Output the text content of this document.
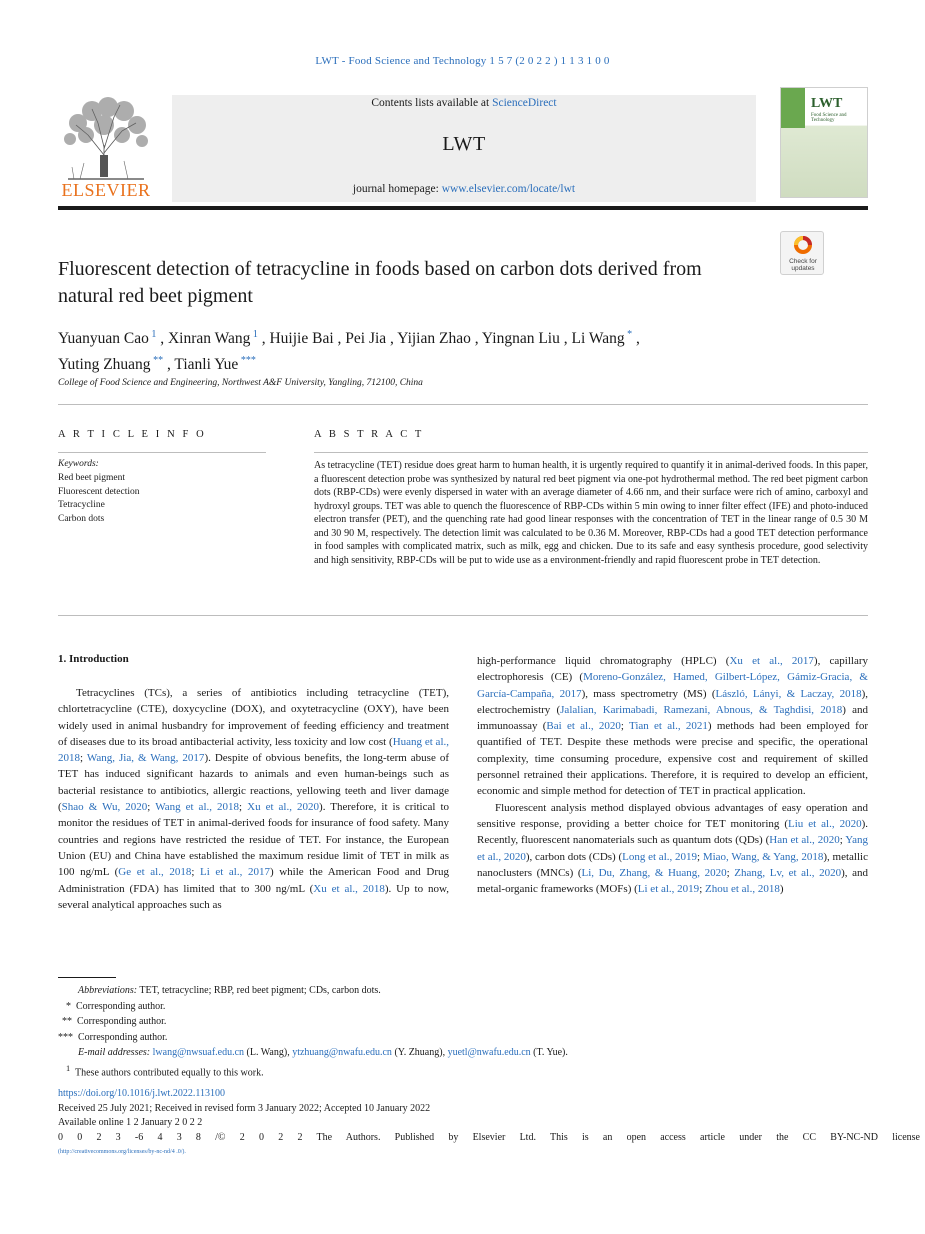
LWT - Food Science and Technology 1 5 7 (2 0 2 2 ) 1 1 3 1 0 0
ELSEVIER
Contents lists available at ScienceDirect
LWT
journal homepage: www.elsevier.com/locate/lwt
LWT
Food Science and Technology
Fluorescent detection of tetracycline in foods based on carbon dots derived from natural red beet pigment
Check for
updates
Yuanyuan Cao $^1$ , Xinran Wang $^1$ , Huijie Bai , Pei Jia , Yijian Zhao , Yingnan Liu , Li Wang * ,
Yuting Zhuang ** , Tianli Yue ***
College of Food Science and Engineering, Northwest A&F University, Yangling, 712100, China
A R T I C L E I N F O	A B S T R A C T
Keywords:
Red beet pigment
Fluorescent detection
Tetracycline
Carbon dots
As tetracycline (TET) residue does great harm to human health, it is urgently required to quantify it in animal-derived foods. In this paper, a fluorescent detection probe was synthesized by natural red beet pigment via one-pot hydrothermal method. The red beet pigment carbon dots (RBP-CDs) were evenly dispersed in water with an average diameter of 4.66 nm, and their surface were rich of amino, carboxyl and hydroxyl groups. TET was able to quench the fluorescence of RBP-CDs within 5 min owing to inner filter effect (IFE) and photo-induced electron transfer (PET), and the quenching rate had good linear responses with the concentration of TET in the linear range of 0.5 30 M and 30 90 M, respectively. The detection limit was calculated to be 0.36 M. Moreover, RBP-CDs had a good TET detection performance in food samples with complicated matrix, such as milk, egg and chicken. Due to its safe and easy synthesis procedure, good selectivity and high sensitivity, RBP-CDs will be put to wide use as a environment-friendly and rapid fluorescent probe in TET detection.
1. Introduction

Tetracyclines (TCs), a series of antibiotics including tetracycline (TET), chlortetracycline (CTE), doxycycline (DOX), and oxytetracycline (OXY), have been widely used in animal husbandry for improvement of feeding efficiency and treatment of diseases due to its broad antibacterial activity, less toxicity and low cost (Huang et al., 2018; Wang, Jia, & Wang, 2017). Despite of obvious benefits, the long-term abuse of TET has induced significant hazards to animals and even human-beings such as bacterial resistance to antibiotics, allergic reactions, yellowing teeth and liver damage (Shao & Wu, 2020; Wang et al., 2018; Xu et al., 2020). Therefore, it is critical to monitor the residues of TET in animal-derived foods for insurance of food safety. Many countries and regions have restricted the residue of TET. For instance, the European Union (EU) and China have established the maximum residue limit of TET in milk as 100 ng/mL (Ge et al., 2018; Li et al., 2017) while the American Food and Drug Administration (FDA) has limited that to 300 ng/mL (Xu et al., 2018). Up to now, several analytical approaches such as

high-performance liquid chromatography (HPLC) (Xu et al., 2017), capillary electrophoresis (CE) (Moreno-González, Hamed, Gilbert-López, Gámiz-Gracia, & García-Campaña, 2017), mass spectrometry (MS) (László, Lányi, & Laczay, 2018), electrochemistry (Jalalian, Karimabadi, Ramezani, Abnous, & Taghdisi, 2018) and immunoassay (Bai et al., 2020; Tian et al., 2021) methods had been employed for quantified of TET. Despite these methods were precise and specific, the operational complexity, time consuming procedure, expensive cost and requirement of skilled personnel retrained their applications. Therefore, it is required to develop an efficient, economic and simple method for detection of TET in practical application.

Fluorescent analysis method displayed obvious advantages of easy operation and sensitive response, providing a better choice for TET monitoring (Liu et al., 2020). Recently, fluorescent nanomaterials such as quantum dots (QDs) (Han et al., 2020; Yang et al., 2020), carbon dots (CDs) (Long et al., 2019; Miao, Wang, & Yang, 2018), metallic nanoclusters (MNCs) (Li, Du, Zhang, & Huang, 2020; Zhang, Lv, et al., 2020), and metal-organic frameworks (MOFs) (Li et al., 2019; Zhou et al., 2018)

Abbreviations: TET, tetracycline; RBP, red beet pigment; CDs, carbon dots.
* Corresponding author.
** Corresponding author.
*** Corresponding author.
E-mail addresses: lwang@nwsuaf.edu.cn (L. Wang), ytzhuang@nwafu.edu.cn (Y. Zhuang), yuetl@nwafu.edu.cn (T. Yue).
$^1$ These authors contributed equally to this work.
https://doi.org/10.1016/j.lwt.2022.113100
Received 25 July 2021; Received in revised form 3 January 2022; Accepted 10 January 2022
Available online 1 2 January 2 0 2 2
0 0 2 3 -6 4 3 8 /© 2 0 2 2 The Authors. Published by Elsevier Ltd. This is an open access article under the CC BY-NC-ND license
(http://creativecommons.org/licenses/by-nc-nd/4 .0/).
